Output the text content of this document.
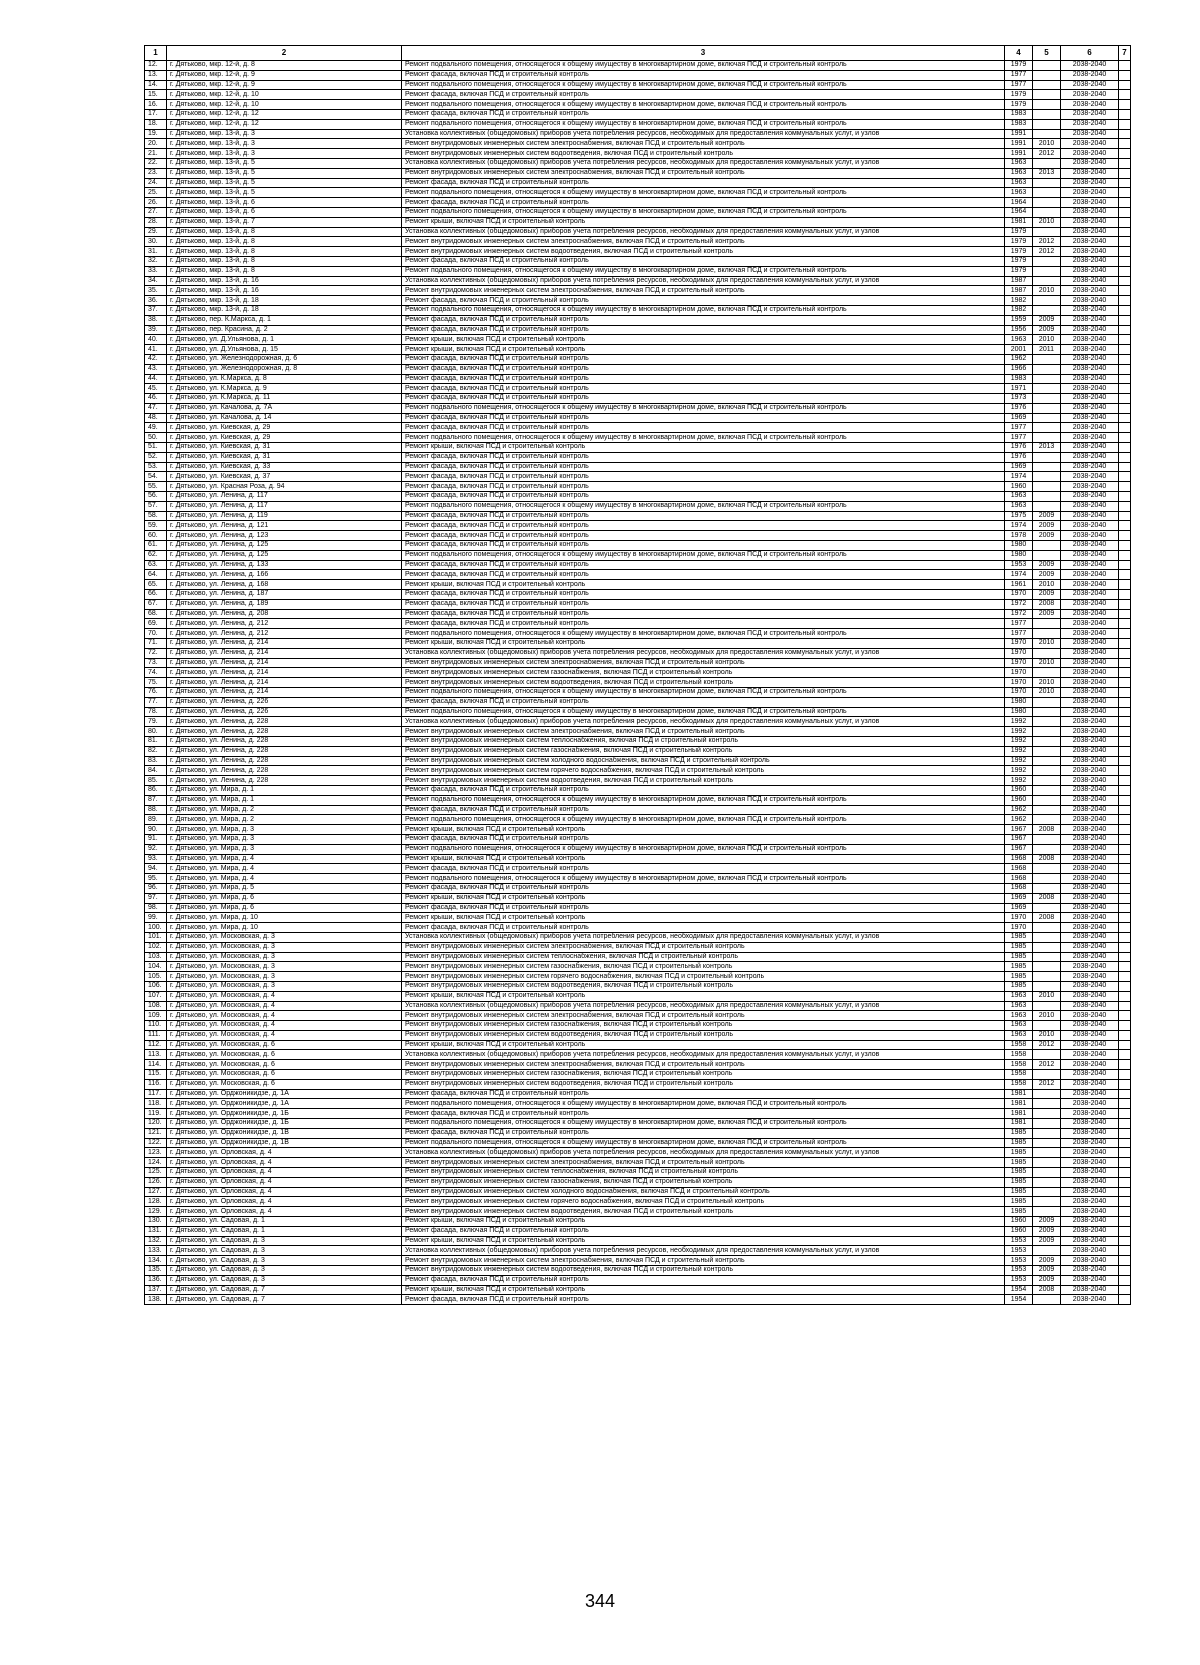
1	2	3	4	5	6	7
12.	г. Дятьково, мкр. 12-й, д. 8	Ремонт подвального помещения, относящегося к общему имуществу в многоквартирном доме, включая ПСД и строительный контроль	1979		2038-2040	
13.	г. Дятьково, мкр. 12-й, д. 9	Ремонт фасада, включая ПСД и строительный контроль	1977		2038-2040	
14.	г. Дятьково, мкр. 12-й, д. 9	Ремонт подвального помещения, относящегося к общему имуществу в многоквартирном доме, включая ПСД и строительный контроль	1977		2038-2040	
15.	г. Дятьково, мкр. 12-й, д. 10	Ремонт фасада, включая ПСД и строительный контроль	1979		2038-2040	
16.	г. Дятьково, мкр. 12-й, д. 10	Ремонт подвального помещения, относящегося к общему имуществу в многоквартирном доме, включая ПСД и строительный контроль	1979		2038-2040	
17.	г. Дятьково, мкр. 12-й, д. 12	Ремонт фасада, включая ПСД и строительный контроль	1983		2038-2040	
18.	г. Дятьково, мкр. 12-й, д. 12	Ремонт подвального помещения, относящегося к общему имуществу в многоквартирном доме, включая ПСД и строительный контроль	1983		2038-2040	
19.	г. Дятьково, мкр. 13-й, д. 3	Установка коллективных (общедомовых) приборов учета потребления ресурсов, необходимых для предоставления коммунальных услуг, и узлов	1991		2038-2040	
20.	г. Дятьково, мкр. 13-й, д. 3	Ремонт внутридомовых инженерных систем электроснабжения, включая ПСД и строительный контроль	1991	2010	2038-2040	
21.	г. Дятьково, мкр. 13-й, д. 3	Ремонт внутридомовых инженерных систем водоотведения, включая ПСД и строительный контроль	1991	2012	2038-2040	
22.	г. Дятьково, мкр. 13-й, д. 5	Установка коллективных (общедомовых) приборов учета потребления ресурсов, необходимых для предоставления коммунальных услуг, и узлов	1963		2038-2040	
23.	г. Дятьково, мкр. 13-й, д. 5	Ремонт внутридомовых инженерных систем электроснабжения, включая ПСД и строительный контроль	1963	2013	2038-2040	
24.	г. Дятьково, мкр. 13-й, д. 5	Ремонт фасада, включая ПСД и строительный контроль	1963		2038-2040	
25.	г. Дятьково, мкр. 13-й, д. 5	Ремонт подвального помещения, относящегося к общему имуществу в многоквартирном доме, включая ПСД и строительный контроль	1963		2038-2040	
26.	г. Дятьково, мкр. 13-й, д. 6	Ремонт фасада, включая ПСД и строительный контроль	1964		2038-2040	
27.	г. Дятьково, мкр. 13-й, д. 6	Ремонт подвального помещения, относящегося к общему имуществу в многоквартирном доме, включая ПСД и строительный контроль	1964		2038-2040	
28.	г. Дятьково, мкр. 13-й, д. 7	Ремонт крыши, включая ПСД и строительный контроль	1981	2010	2038-2040	
29.	г. Дятьково, мкр. 13-й, д. 8	Установка коллективных (общедомовых) приборов учета потребления ресурсов, необходимых для предоставления коммунальных услуг, и узлов	1979		2038-2040	
30.	г. Дятьково, мкр. 13-й, д. 8	Ремонт внутридомовых инженерных систем электроснабжения, включая ПСД и строительный контроль	1979	2012	2038-2040	
31.	г. Дятьково, мкр. 13-й, д. 8	Ремонт внутридомовых инженерных систем водоотведения, включая ПСД и строительный контроль	1979	2012	2038-2040	
32.	г. Дятьково, мкр. 13-й, д. 8	Ремонт фасада, включая ПСД и строительный контроль	1979		2038-2040	
33.	г. Дятьково, мкр. 13-й, д. 8	Ремонт подвального помещения, относящегося к общему имуществу в многоквартирном доме, включая ПСД и строительный контроль	1979		2038-2040	
34.	г. Дятьково, мкр. 13-й, д. 16	Установка коллективных (общедомовых) приборов учета потребления ресурсов, необходимых для предоставления коммунальных услуг, и узлов	1987		2038-2040	
35.	г. Дятьково, мкр. 13-й, д. 16	Ремонт внутридомовых инженерных систем электроснабжения, включая ПСД и строительный контроль	1987	2010	2038-2040	
36.	г. Дятьково, мкр. 13-й, д. 18	Ремонт фасада, включая ПСД и строительный контроль	1982		2038-2040	
37.	г. Дятьково, мкр. 13-й, д. 18	Ремонт подвального помещения, относящегося к общему имуществу в многоквартирном доме, включая ПСД и строительный контроль	1982		2038-2040	
38.	г. Дятьково, пер. К.Маркса, д. 1	Ремонт фасада, включая ПСД и строительный контроль	1959	2009	2038-2040	
39.	г. Дятьково, пер. Красина, д. 2	Ремонт фасада, включая ПСД и строительный контроль	1956	2009	2038-2040	
40.	г. Дятьково, ул. Д.Ульянова, д. 1	Ремонт крыши, включая ПСД и строительный контроль	1963	2010	2038-2040	
41.	г. Дятьково, ул. Д.Ульянова, д. 15	Ремонт крыши, включая ПСД и строительный контроль	2001	2011	2038-2040	
42.	г. Дятьково, ул. Железнодорожная, д. 6	Ремонт фасада, включая ПСД и строительный контроль	1962		2038-2040	
43.	г. Дятьково, ул. Железнодорожная, д. 8	Ремонт фасада, включая ПСД и строительный контроль	1966		2038-2040	
44.	г. Дятьково, ул. К.Маркса, д. 8	Ремонт фасада, включая ПСД и строительный контроль	1983		2038-2040	
45.	г. Дятьково, ул. К.Маркса, д. 9	Ремонт фасада, включая ПСД и строительный контроль	1971		2038-2040	
46.	г. Дятьково, ул. К.Маркса, д. 11	Ремонт фасада, включая ПСД и строительный контроль	1973		2038-2040	
47.	г. Дятьково, ул. Качалова, д. 7А	Ремонт подвального помещения, относящегося к общему имуществу в многоквартирном доме, включая ПСД и строительный контроль	1976		2038-2040	
48.	г. Дятьково, ул. Качалова, д. 14	Ремонт фасада, включая ПСД и строительный контроль	1969		2038-2040	
49.	г. Дятьково, ул. Киевская, д. 29	Ремонт фасада, включая ПСД и строительный контроль	1977		2038-2040	
50.	г. Дятьково, ул. Киевская, д. 29	Ремонт подвального помещения, относящегося к общему имуществу в многоквартирном доме, включая ПСД и строительный контроль	1977		2038-2040	
51.	г. Дятьково, ул. Киевская, д. 31	Ремонт крыши, включая ПСД и строительный контроль	1976	2013	2038-2040	
52.	г. Дятьково, ул. Киевская, д. 31	Ремонт фасада, включая ПСД и строительный контроль	1976		2038-2040	
53.	г. Дятьково, ул. Киевская, д. 33	Ремонт фасада, включая ПСД и строительный контроль	1969		2038-2040	
54.	г. Дятьково, ул. Киевская, д. 37	Ремонт фасада, включая ПСД и строительный контроль	1974		2038-2040	
55.	г. Дятьково, ул. Красная Роза, д. 94	Ремонт фасада, включая ПСД и строительный контроль	1960		2038-2040	
56.	г. Дятьково, ул. Ленина, д. 117	Ремонт фасада, включая ПСД и строительный контроль	1963		2038-2040	
57.	г. Дятьково, ул. Ленина, д. 117	Ремонт подвального помещения, относящегося к общему имуществу в многоквартирном доме, включая ПСД и строительный контроль	1963		2038-2040	
58.	г. Дятьково, ул. Ленина, д. 119	Ремонт фасада, включая ПСД и строительный контроль	1975	2009	2038-2040	
59.	г. Дятьково, ул. Ленина, д. 121	Ремонт фасада, включая ПСД и строительный контроль	1974	2009	2038-2040	
60.	г. Дятьково, ул. Ленина, д. 123	Ремонт фасада, включая ПСД и строительный контроль	1978	2009	2038-2040	
61.	г. Дятьково, ул. Ленина, д. 125	Ремонт фасада, включая ПСД и строительный контроль	1980		2038-2040	
62.	г. Дятьково, ул. Ленина, д. 125	Ремонт подвального помещения, относящегося к общему имуществу в многоквартирном доме, включая ПСД и строительный контроль	1980		2038-2040	
63.	г. Дятьково, ул. Ленина, д. 133	Ремонт фасада, включая ПСД и строительный контроль	1953	2009	2038-2040	
64.	г. Дятьково, ул. Ленина, д. 166	Ремонт фасада, включая ПСД и строительный контроль	1974	2009	2038-2040	
65.	г. Дятьково, ул. Ленина, д. 168	Ремонт крыши, включая ПСД и строительный контроль	1961	2010	2038-2040	
66.	г. Дятьково, ул. Ленина, д. 187	Ремонт фасада, включая ПСД и строительный контроль	1970	2009	2038-2040	
67.	г. Дятьково, ул. Ленина, д. 189	Ремонт фасада, включая ПСД и строительный контроль	1972	2008	2038-2040	
68.	г. Дятьково, ул. Ленина, д. 208	Ремонт фасада, включая ПСД и строительный контроль	1972	2009	2038-2040	
69.	г. Дятьково, ул. Ленина, д. 212	Ремонт фасада, включая ПСД и строительный контроль	1977		2038-2040	
70.	г. Дятьково, ул. Ленина, д. 212	Ремонт подвального помещения, относящегося к общему имуществу в многоквартирном доме, включая ПСД и строительный контроль	1977		2038-2040	
71.	г. Дятьково, ул. Ленина, д. 214	Ремонт крыши, включая ПСД и строительный контроль	1970	2010	2038-2040	
72.	г. Дятьково, ул. Ленина, д. 214	Установка коллективных (общедомовых) приборов учета потребления ресурсов, необходимых для предоставления коммунальных услуг, и узлов	1970		2038-2040	
73.	г. Дятьково, ул. Ленина, д. 214	Ремонт внутридомовых инженерных систем электроснабжения, включая ПСД и строительный контроль	1970	2010	2038-2040	
74.	г. Дятьково, ул. Ленина, д. 214	Ремонт внутридомовых инженерных систем газоснабжения, включая ПСД и строительный контроль	1970		2038-2040	
75.	г. Дятьково, ул. Ленина, д. 214	Ремонт внутридомовых инженерных систем водоотведения, включая ПСД и строительный контроль	1970	2010	2038-2040	
76.	г. Дятьково, ул. Ленина, д. 214	Ремонт подвального помещения, относящегося к общему имуществу в многоквартирном доме, включая ПСД и строительный контроль	1970	2010	2038-2040	
77.	г. Дятьково, ул. Ленина, д. 226	Ремонт фасада, включая ПСД и строительный контроль	1980		2038-2040	
78.	г. Дятьково, ул. Ленина, д. 226	Ремонт подвального помещения, относящегося к общему имуществу в многоквартирном доме, включая ПСД и строительный контроль	1980		2038-2040	
79.	г. Дятьково, ул. Ленина, д. 228	Установка коллективных (общедомовых) приборов учета потребления ресурсов, необходимых для предоставления коммунальных услуг, и узлов	1992		2038-2040	
80.	г. Дятьково, ул. Ленина, д. 228	Ремонт внутридомовых инженерных систем электроснабжения, включая ПСД и строительный контроль	1992		2038-2040	
81.	г. Дятьково, ул. Ленина, д. 228	Ремонт внутридомовых инженерных систем теплоснабжения, включая ПСД и строительный контроль	1992		2038-2040	
82.	г. Дятьково, ул. Ленина, д. 228	Ремонт внутридомовых инженерных систем газоснабжения, включая ПСД и строительный контроль	1992		2038-2040	
83.	г. Дятьково, ул. Ленина, д. 228	Ремонт внутридомовых инженерных систем холодного водоснабжения, включая ПСД и строительный контроль	1992		2038-2040	
84.	г. Дятьково, ул. Ленина, д. 228	Ремонт внутридомовых инженерных систем горячего водоснабжения, включая ПСД и строительный контроль	1992		2038-2040	
85.	г. Дятьково, ул. Ленина, д. 228	Ремонт внутридомовых инженерных систем водоотведения, включая ПСД и строительный контроль	1992		2038-2040	
86.	г. Дятьково, ул. Мира, д. 1	Ремонт фасада, включая ПСД и строительный контроль	1960		2038-2040	
87.	г. Дятьково, ул. Мира, д. 1	Ремонт подвального помещения, относящегося к общему имуществу в многоквартирном доме, включая ПСД и строительный контроль	1960		2038-2040	
88.	г. Дятьково, ул. Мира, д. 2	Ремонт фасада, включая ПСД и строительный контроль	1962		2038-2040	
89.	г. Дятьково, ул. Мира, д. 2	Ремонт подвального помещения, относящегося к общему имуществу в многоквартирном доме, включая ПСД и строительный контроль	1962		2038-2040	
90.	г. Дятьково, ул. Мира, д. 3	Ремонт крыши, включая ПСД и строительный контроль	1967	2008	2038-2040	
91.	г. Дятьково, ул. Мира, д. 3	Ремонт фасада, включая ПСД и строительный контроль	1967		2038-2040	
92.	г. Дятьково, ул. Мира, д. 3	Ремонт подвального помещения, относящегося к общему имуществу в многоквартирном доме, включая ПСД и строительный контроль	1967		2038-2040	
93.	г. Дятьково, ул. Мира, д. 4	Ремонт крыши, включая ПСД и строительный контроль	1968	2008	2038-2040	
94.	г. Дятьково, ул. Мира, д. 4	Ремонт фасада, включая ПСД и строительный контроль	1968		2038-2040	
95.	г. Дятьково, ул. Мира, д. 4	Ремонт подвального помещения, относящегося к общему имуществу в многоквартирном доме, включая ПСД и строительный контроль	1968		2038-2040	
96.	г. Дятьково, ул. Мира, д. 5	Ремонт фасада, включая ПСД и строительный контроль	1968		2038-2040	
97.	г. Дятьково, ул. Мира, д. 6	Ремонт крыши, включая ПСД и строительный контроль	1969	2008	2038-2040	
98.	г. Дятьково, ул. Мира, д. 6	Ремонт фасада, включая ПСД и строительный контроль	1969		2038-2040	
99.	г. Дятьково, ул. Мира, д. 10	Ремонт крыши, включая ПСД и строительный контроль	1970	2008	2038-2040	
100.	г. Дятьково, ул. Мира, д. 10	Ремонт фасада, включая ПСД и строительный контроль	1970		2038-2040	
101.	г. Дятьково, ул. Московская, д. 3	Установка коллективных (общедомовых) приборов учета потребления ресурсов, необходимых для предоставления коммунальных услуг, и узлов	1985		2038-2040	
102.	г. Дятьково, ул. Московская, д. 3	Ремонт внутридомовых инженерных систем электроснабжения, включая ПСД и строительный контроль	1985		2038-2040	
103.	г. Дятьково, ул. Московская, д. 3	Ремонт внутридомовых инженерных систем теплоснабжения, включая ПСД и строительный контроль	1985		2038-2040	
104.	г. Дятьково, ул. Московская, д. 3	Ремонт внутридомовых инженерных систем газоснабжения, включая ПСД и строительный контроль	1985		2038-2040	
105.	г. Дятьково, ул. Московская, д. 3	Ремонт внутридомовых инженерных систем горячего водоснабжения, включая ПСД и строительный контроль	1985		2038-2040	
106.	г. Дятьково, ул. Московская, д. 3	Ремонт внутридомовых инженерных систем водоотведения, включая ПСД и строительный контроль	1985		2038-2040	
107.	г. Дятьково, ул. Московская, д. 4	Ремонт крыши, включая ПСД и строительный контроль	1963	2010	2038-2040	
108.	г. Дятьково, ул. Московская, д. 4	Установка коллективных (общедомовых) приборов учета потребления ресурсов, необходимых для предоставления коммунальных услуг, и узлов	1963		2038-2040	
109.	г. Дятьково, ул. Московская, д. 4	Ремонт внутридомовых инженерных систем электроснабжения, включая ПСД и строительный контроль	1963	2010	2038-2040	
110.	г. Дятьково, ул. Московская, д. 4	Ремонт внутридомовых инженерных систем газоснабжения, включая ПСД и строительный контроль	1963		2038-2040	
111.	г. Дятьково, ул. Московская, д. 4	Ремонт внутридомовых инженерных систем водоотведения, включая ПСД и строительный контроль	1963	2010	2038-2040	
112.	г. Дятьково, ул. Московская, д. 6	Ремонт крыши, включая ПСД и строительный контроль	1958	2012	2038-2040	
113.	г. Дятьково, ул. Московская, д. 6	Установка коллективных (общедомовых) приборов учета потребления ресурсов, необходимых для предоставления коммунальных услуг, и узлов	1958		2038-2040	
114.	г. Дятьково, ул. Московская, д. 6	Ремонт внутридомовых инженерных систем электроснабжения, включая ПСД и строительный контроль	1958	2012	2038-2040	
115.	г. Дятьково, ул. Московская, д. 6	Ремонт внутридомовых инженерных систем газоснабжения, включая ПСД и строительный контроль	1958		2038-2040	
116.	г. Дятьково, ул. Московская, д. 6	Ремонт внутридомовых инженерных систем водоотведения, включая ПСД и строительный контроль	1958	2012	2038-2040	
117.	г. Дятьково, ул. Орджоникидзе, д. 1А	Ремонт фасада, включая ПСД и строительный контроль	1981		2038-2040	
118.	г. Дятьково, ул. Орджоникидзе, д. 1А	Ремонт подвального помещения, относящегося к общему имуществу в многоквартирном доме, включая ПСД и строительный контроль	1981		2038-2040	
119.	г. Дятьково, ул. Орджоникидзе, д. 1Б	Ремонт фасада, включая ПСД и строительный контроль	1981		2038-2040	
120.	г. Дятьково, ул. Орджоникидзе, д. 1Б	Ремонт подвального помещения, относящегося к общему имуществу в многоквартирном доме, включая ПСД и строительный контроль	1981		2038-2040	
121.	г. Дятьково, ул. Орджоникидзе, д. 1В	Ремонт фасада, включая ПСД и строительный контроль	1985		2038-2040	
122.	г. Дятьково, ул. Орджоникидзе, д. 1В	Ремонт подвального помещения, относящегося к общему имуществу в многоквартирном доме, включая ПСД и строительный контроль	1985		2038-2040	
123.	г. Дятьково, ул. Орловская, д. 4	Установка коллективных (общедомовых) приборов учета потребления ресурсов, необходимых для предоставления коммунальных услуг, и узлов	1985		2038-2040	
124.	г. Дятьково, ул. Орловская, д. 4	Ремонт внутридомовых инженерных систем электроснабжения, включая ПСД и строительный контроль	1985		2038-2040	
125.	г. Дятьково, ул. Орловская, д. 4	Ремонт внутридомовых инженерных систем теплоснабжения, включая ПСД и строительный контроль	1985		2038-2040	
126.	г. Дятьково, ул. Орловская, д. 4	Ремонт внутридомовых инженерных систем газоснабжения, включая ПСД и строительный контроль	1985		2038-2040	
127.	г. Дятьково, ул. Орловская, д. 4	Ремонт внутридомовых инженерных систем холодного водоснабжения, включая ПСД и строительный контроль	1985		2038-2040	
128.	г. Дятьково, ул. Орловская, д. 4	Ремонт внутридомовых инженерных систем горячего водоснабжения, включая ПСД и строительный контроль	1985		2038-2040	
129.	г. Дятьково, ул. Орловская, д. 4	Ремонт внутридомовых инженерных систем водоотведения, включая ПСД и строительный контроль	1985		2038-2040	
130.	г. Дятьково, ул. Садовая, д. 1	Ремонт крыши, включая ПСД и строительный контроль	1960	2009	2038-2040	
131.	г. Дятьково, ул. Садовая, д. 1	Ремонт фасада, включая ПСД и строительный контроль	1960	2009	2038-2040	
132.	г. Дятьково, ул. Садовая, д. 3	Ремонт крыши, включая ПСД и строительный контроль	1953	2009	2038-2040	
133.	г. Дятьково, ул. Садовая, д. 3	Установка коллективных (общедомовых) приборов учета потребления ресурсов, необходимых для предоставления коммунальных услуг, и узлов	1953		2038-2040	
134.	г. Дятьково, ул. Садовая, д. 3	Ремонт внутридомовых инженерных систем электроснабжения, включая ПСД и строительный контроль	1953	2009	2038-2040	
135.	г. Дятьково, ул. Садовая, д. 3	Ремонт внутридомовых инженерных систем водоотведения, включая ПСД и строительный контроль	1953	2009	2038-2040	
136.	г. Дятьково, ул. Садовая, д. 3	Ремонт фасада, включая ПСД и строительный контроль	1953	2009	2038-2040	
137.	г. Дятьково, ул. Садовая, д. 7	Ремонт крыши, включая ПСД и строительный контроль	1954	2008	2038-2040	
138.	г. Дятьково, ул. Садовая, д. 7	Ремонт фасада, включая ПСД и строительный контроль	1954		2038-2040	
344
